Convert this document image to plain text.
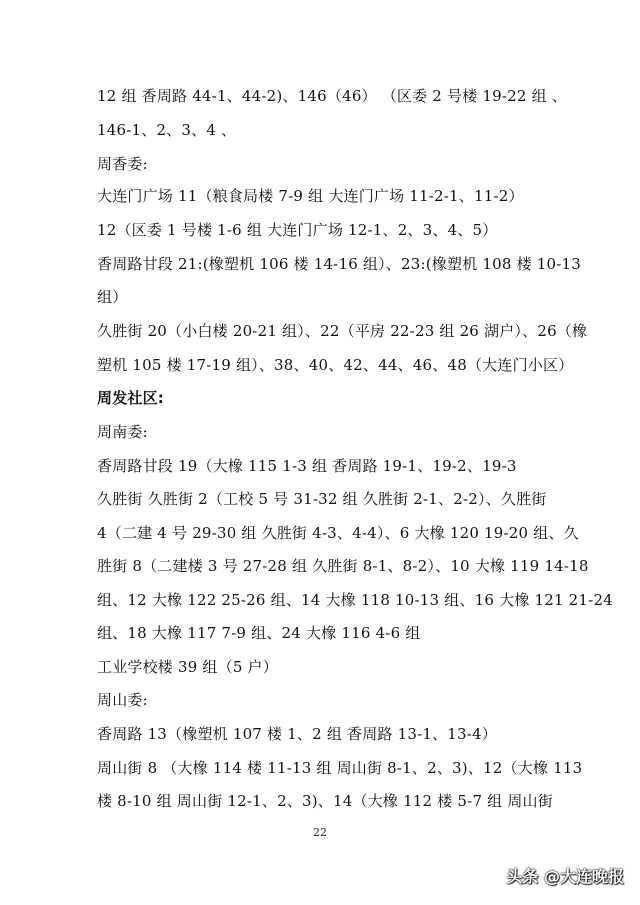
12 组 香周路 44-1、44-2)、146（46） （区委 2 号楼 19-22 组 、
146-1、2、3、4 、
周香委:
大连门广场 11（粮食局楼 7-9 组 大连门广场 11-2-1、11-2）
12（区委 1 号楼 1-6 组 大连门广场 12-1、2、3、4、5）
香周路甘段 21:(橡塑机 106 楼 14-16 组）、23:(橡塑机 108 楼 10-13
组）
久胜街 20（小白楼 20-21 组）、22（平房 22-23 组 26 湖户）、26（橡
塑机 105 楼 17-19 组）、38、40、42、44、46、48（大连门小区）
周发社区:
周南委:
香周路甘段 19（大橡 115 1-3 组 香周路 19-1、19-2、19-3
久胜街 久胜街 2（工校 5 号 31-32 组 久胜街 2-1、2-2）、久胜街
4（二建 4 号 29-30 组 久胜街 4-3、4-4）、6 大橡 120 19-20 组、久
胜街 8（二建楼 3 号 27-28 组 久胜街 8-1、8-2）、10 大橡 119 14-18
组、12 大橡 122 25-26 组、14 大橡 118 10-13 组、16 大橡 121 21-24
组、18 大橡 117 7-9 组、24 大橡 116 4-6 组
工业学校楼 39 组（5 户）
周山委:
香周路 13（橡塑机 107 楼 1、2 组 香周路 13-1、13-4）
周山街 8 （大橡 114 楼 11-13 组 周山街 8-1、2、3)、12（大橡 113
楼 8-10 组 周山街 12-1、2、3)、14（大橡 112 楼 5-7 组 周山街
22
头条 @大连晚报
